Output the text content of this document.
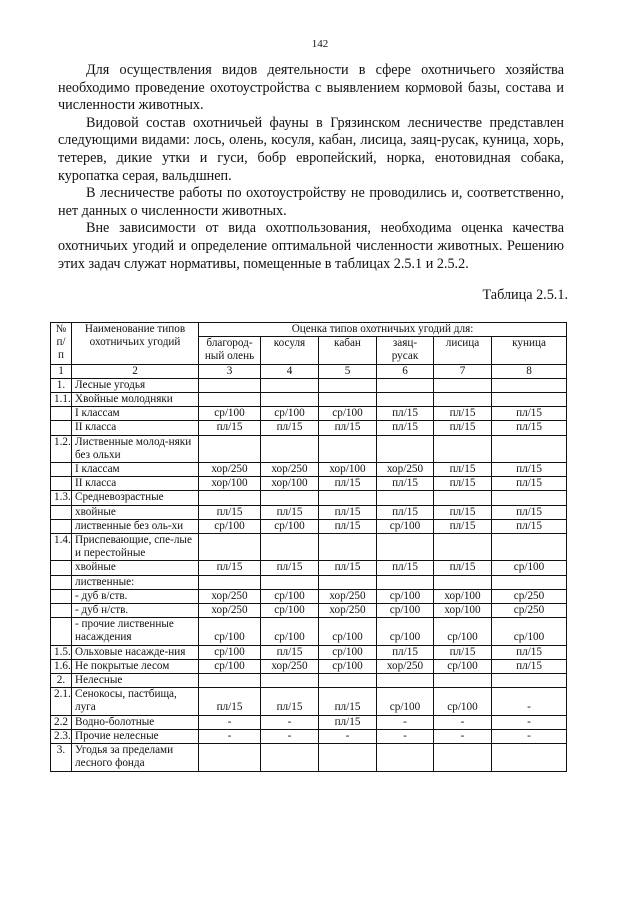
142

Для осуществления видов деятельности в сфере охотничьего хозяйства необходимо проведение охотоустройства с выявлением кормовой базы, состава и численности животных.

Видовой состав охотничьей фауны в Грязинском лесничестве представлен следующими видами: лось, олень, косуля, кабан, лисица, заяц-русак, куница, хорь, тетерев, дикие утки и гуси, бобр европейский, норка, енотовидная собака, куропатка серая, вальдшнеп.

В лесничестве работы по охотоустройству не проводились и, соответственно, нет данных о численности животных.

Вне зависимости от вида охотпользования, необходима оценка качества охотничьих угодий и определение оптимальной численности животных. Решению этих задач служат нормативы, помещенные в таблицах 2.5.1 и 2.5.2.

Таблица 2.5.1.
№ п/п	Наименование типов охотничьих угодий	Оценка типов охотничьих угодий для:					
		благород-ный олень	косуля	кабан	заяц-русак	лисица	куница
1	2	3	4	5	6	7	8
1.	Лесные угодья						
1.1.	Хвойные молодняки						
	I классам	ср/100	ср/100	ср/100	пл/15	пл/15	пл/15
	II класса	пл/15	пл/15	пл/15	пл/15	пл/15	пл/15
1.2.	Лиственные молод-няки без ольхи						
	I классам	хор/250	хор/250	хор/100	хор/250	пл/15	пл/15
	II класса	хор/100	хор/100	пл/15	пл/15	пл/15	пл/15
1.3.	Средневозрастные						
	хвойные	пл/15	пл/15	пл/15	пл/15	пл/15	пл/15
	лиственные без оль-хи	ср/100	ср/100	пл/15	ср/100	пл/15	пл/15
1.4.	Приспевающие, спе-лые и перестойные						
	хвойные	пл/15	пл/15	пл/15	пл/15	пл/15	ср/100
	лиственные:						
	- дуб в/ств.	хор/250	ср/100	хор/250	ср/100	хор/100	ср/250
	- дуб н/ств.	хор/250	ср/100	хор/250	ср/100	хор/100	ср/250
	- прочие лиственные насаждения	ср/100	ср/100	ср/100	ср/100	ср/100	ср/100
1.5.	Ольховые насажде-ния	ср/100	пл/15	ср/100	пл/15	пл/15	пл/15
1.6.	Не покрытые лесом	ср/100	хор/250	ср/100	хор/250	ср/100	пл/15
2.	Нелесные						
2.1.	Сенокосы, пастбища, луга	пл/15	пл/15	пл/15	ср/100	ср/100	-
2.2	Водно-болотные	-	-	пл/15	-	-	-
2.3.	Прочие нелесные	-	-	-	-	-	-
3.	Угодья за пределами лесного фонда						
